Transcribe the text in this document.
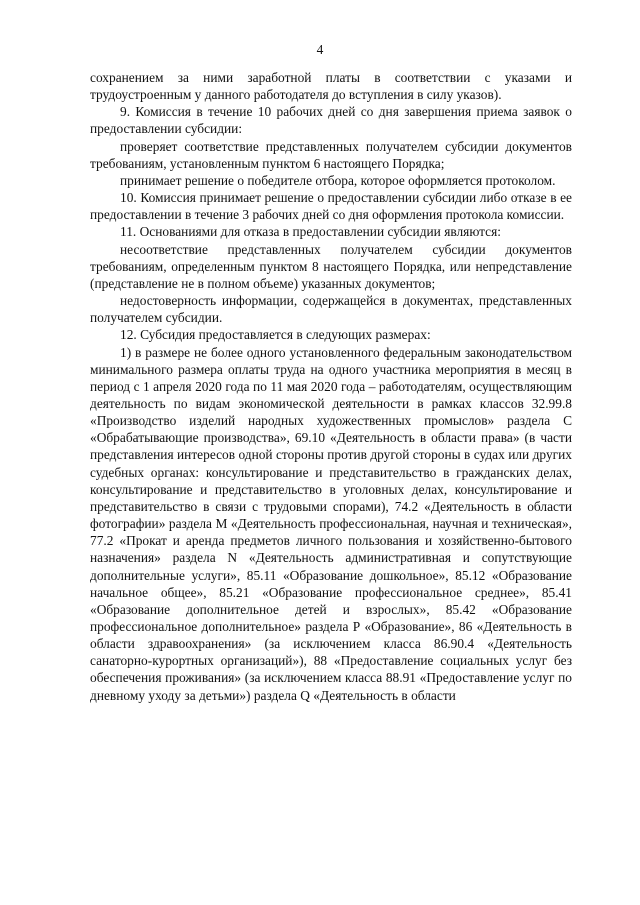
4

сохранением за ними заработной платы в соответствии с указами и трудоустроенным у данного работодателя до вступления в силу указов).

9. Комиссия в течение 10 рабочих дней со дня завершения приема заявок о предоставлении субсидии:

проверяет соответствие представленных получателем субсидии документов требованиям, установленным пунктом 6 настоящего Порядка;

принимает решение о победителе отбора, которое оформляется протоколом.

10. Комиссия принимает решение о предоставлении субсидии либо отказе в ее предоставлении в течение 3 рабочих дней со дня оформления протокола комиссии.

11. Основаниями для отказа в предоставлении субсидии являются:

несоответствие представленных получателем субсидии документов требованиям, определенным пунктом 8 настоящего Порядка, или непредставление (представление не в полном объеме) указанных документов;

недостоверность информации, содержащейся в документах, представленных получателем субсидии.

12. Субсидия предоставляется в следующих размерах:

1) в размере не более одного установленного федеральным законодательством минимального размера оплаты труда на одного участника мероприятия в месяц в период с 1 апреля 2020 года по 11 мая 2020 года – работодателям, осуществляющим деятельность по видам экономической деятельности в рамках классов 32.99.8 «Производство изделий народных художественных промыслов» раздела С «Обрабатывающие производства», 69.10 «Деятельность в области права» (в части представления интересов одной стороны против другой стороны в судах или других судебных органах: консультирование и представительство в гражданских делах, консультирование и представительство в уголовных делах, консультирование и представительство в связи с трудовыми спорами), 74.2 «Деятельность в области фотографии» раздела М «Деятельность профессиональная, научная и техническая», 77.2 «Прокат и аренда предметов личного пользования и хозяйственно-бытового назначения» раздела N «Деятельность административная и сопутствующие дополнительные услуги», 85.11 «Образование дошкольное», 85.12 «Образование начальное общее», 85.21 «Образование профессиональное среднее», 85.41 «Образование дополнительное детей и взрослых», 85.42 «Образование профессиональное дополнительное» раздела Р «Образование», 86 «Деятельность в области здравоохранения» (за исключением класса 86.90.4 «Деятельность санаторно-курортных организаций»), 88 «Предоставление социальных услуг без обеспечения проживания» (за исключением класса 88.91 «Предоставление услуг по дневному уходу за детьми») раздела Q «Деятельность в области
